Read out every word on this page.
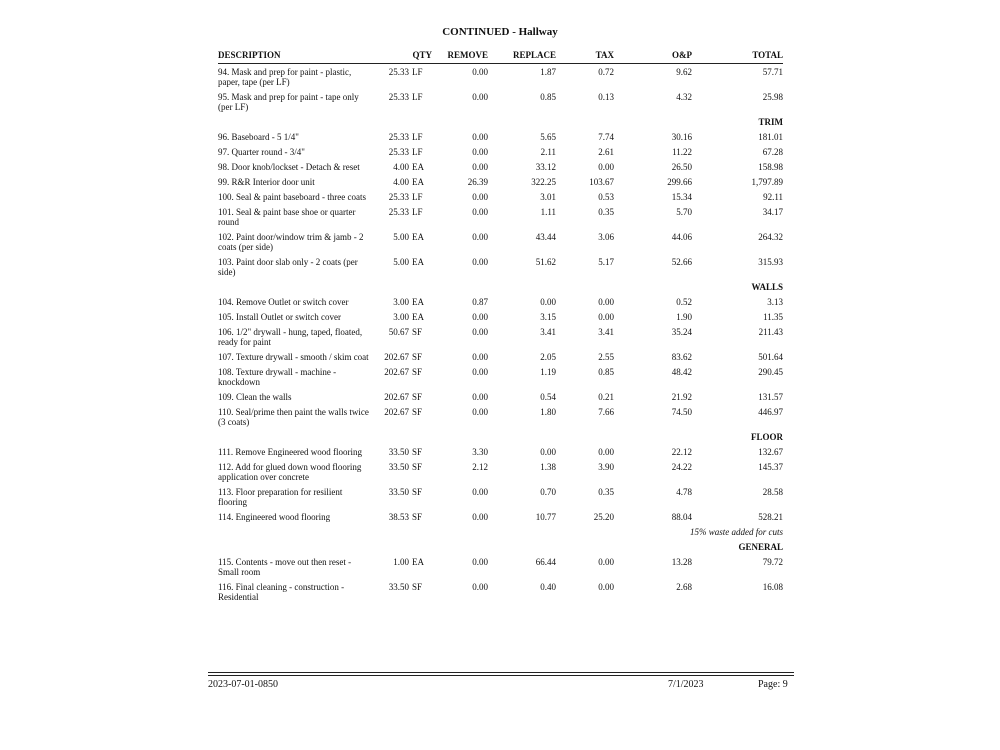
CONTINUED - Hallway
DESCRIPTION	QTY	REMOVE	REPLACE	TAX	O&P	TOTAL
94. Mask and prep for paint - plastic, paper, tape (per LF)	25.33 LF	0.00	1.87	0.72	9.62	57.71
95. Mask and prep for paint - tape only (per LF)	25.33 LF	0.00	0.85	0.13	4.32	25.98
TRIM						
96. Baseboard - 5 1/4"	25.33 LF	0.00	5.65	7.74	30.16	181.01
97. Quarter round - 3/4"	25.33 LF	0.00	2.11	2.61	11.22	67.28
98. Door knob/lockset - Detach & reset	4.00 EA	0.00	33.12	0.00	26.50	158.98
99. R&R Interior door unit	4.00 EA	26.39	322.25	103.67	299.66	1,797.89
100. Seal & paint baseboard - three coats	25.33 LF	0.00	3.01	0.53	15.34	92.11
101. Seal & paint base shoe or quarter round	25.33 LF	0.00	1.11	0.35	5.70	34.17
102. Paint door/window trim & jamb - 2 coats (per side)	5.00 EA	0.00	43.44	3.06	44.06	264.32
103. Paint door slab only - 2 coats (per side)	5.00 EA	0.00	51.62	5.17	52.66	315.93
WALLS						
104. Remove Outlet or switch cover	3.00 EA	0.87	0.00	0.00	0.52	3.13
105. Install Outlet or switch cover	3.00 EA	0.00	3.15	0.00	1.90	11.35
106. 1/2" drywall - hung, taped, floated, ready for paint	50.67 SF	0.00	3.41	3.41	35.24	211.43
107. Texture drywall - smooth / skim coat	202.67 SF	0.00	2.05	2.55	83.62	501.64
108. Texture drywall - machine - knockdown	202.67 SF	0.00	1.19	0.85	48.42	290.45
109. Clean the walls	202.67 SF	0.00	0.54	0.21	21.92	131.57
110. Seal/prime then paint the walls twice (3 coats)	202.67 SF	0.00	1.80	7.66	74.50	446.97
FLOOR						
111. Remove Engineered wood flooring	33.50 SF	3.30	0.00	0.00	22.12	132.67
112. Add for glued down wood flooring application over concrete	33.50 SF	2.12	1.38	3.90	24.22	145.37
113. Floor preparation for resilient flooring	33.50 SF	0.00	0.70	0.35	4.78	28.58
114. Engineered wood flooring	38.53 SF	0.00	10.77	25.20	88.04	528.21
15% waste added for cuts						
GENERAL						
115. Contents - move out then reset - Small room	1.00 EA	0.00	66.44	0.00	13.28	79.72
116. Final cleaning - construction - Residential	33.50 SF	0.00	0.40	0.00	2.68	16.08
2023-07-01-0850	7/1/2023	Page: 9
